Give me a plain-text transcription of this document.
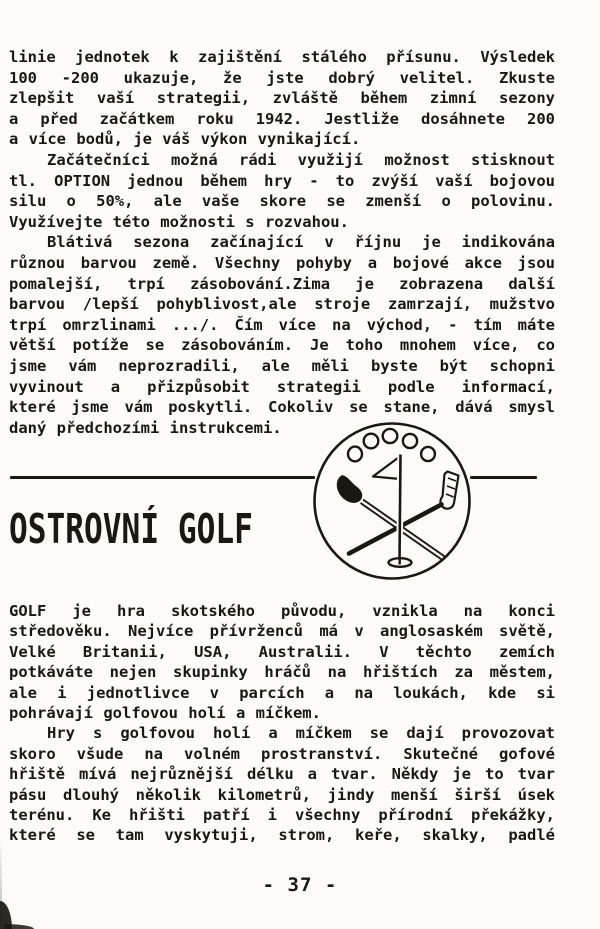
linie jednotek k zajištění stálého přísunu. Výsledek
100 -200 ukazuje, že jste dobrý velitel. Zkuste
zlepšit vaší strategii, zvláště během zimní sezony
a před začátkem roku 1942. Jestliže dosáhnete 200
a více bodů, je váš výkon vynikající.
Začátečníci možná rádi využijí možnost stisknout
tl. OPTION jednou během hry - to zvýší vaší bojovou
silu o 50%, ale vaše skore se zmenší o polovinu.
Využívejte této možnosti s rozvahou.
Blátivá sezona začínající v říjnu je indikována
různou barvou země. Všechny pohyby a bojové akce jsou
pomalejší, trpí zásobování.Zima je zobrazena další
barvou /lepší pohyblivost,ale stroje zamrzají, mužstvo
trpí omrzlinami .../. Čím více na východ, - tím máte
větší potíže se zásobováním. Je toho mnohem více, co
jsme vám neprozradili, ale měli byste být schopni
vyvinout a přizpůsobit strategii podle informací,
které jsme vám poskytli. Cokoliv se stane, dává smysl
daný předchozími instrukcemi.
OSTROVNÍ GOLF
GOLF je hra skotského původu, vznikla na konci
středověku. Nejvíce přívrženců má v anglosaském světě,
Velké Britanii, USA, Australii. V těchto zemích
potkáváte nejen skupinky hráčů na hřištích za městem,
ale i jednotlivce v parcích a na loukách, kde si
pohrávají golfovou holí a míčkem.
Hry s golfovou holí a míčkem se dají provozovat
skoro všude na volném prostranství. Skutečné gofové
hřiště mívá nejrůznější délku a tvar. Někdy je to tvar
pásu dlouhý několik kilometrů, jindy menší širší úsek
terénu. Ke hřišti patří i všechny přírodní překážky,
které se tam vyskytuji, strom, keře, skalky, padlé
- 37 -
